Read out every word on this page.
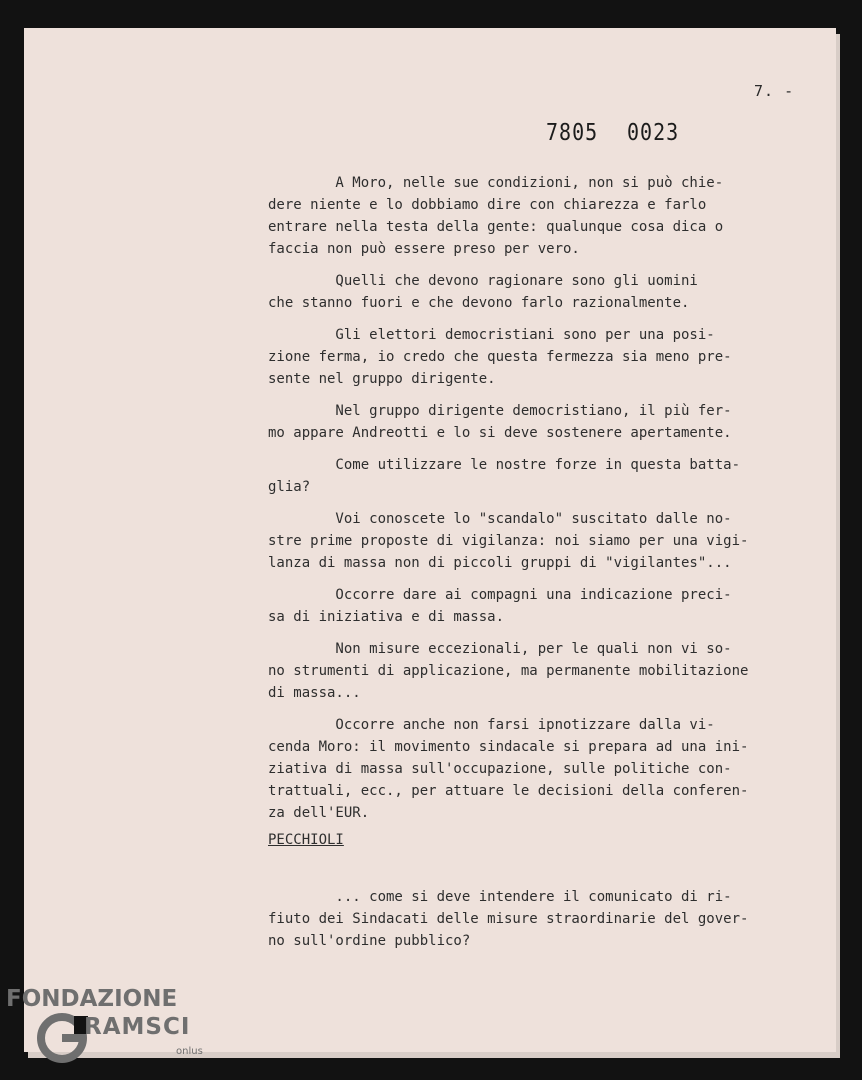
7. -
7805 0023

A Moro, nelle sue condizioni, non si può chie-
dere niente e lo dobbiamo dire con chiarezza e farlo
entrare nella testa della gente: qualunque cosa dica o
faccia non può essere preso per vero.

Quelli che devono ragionare sono gli uomini
che stanno fuori e che devono farlo razionalmente.

Gli elettori democristiani sono per una posi-
zione ferma, io credo che questa fermezza sia meno pre-
sente nel gruppo dirigente.

Nel gruppo dirigente democristiano, il più fer-
mo appare Andreotti e lo si deve sostenere apertamente.

Come utilizzare le nostre forze in questa batta-
glia?

Voi conoscete lo "scandalo" suscitato dalle no-
stre prime proposte di vigilanza: noi siamo per una vigi-
lanza di massa non di piccoli gruppi di "vigilantes"...

Occorre dare ai compagni una indicazione preci-
sa di iniziativa e di massa.

Non misure eccezionali, per le quali non vi so-
no strumenti di applicazione, ma permanente mobilitazione
di massa...

Occorre anche non farsi ipnotizzare dalla vi-
cenda Moro: il movimento sindacale si prepara ad una ini-
ziativa di massa sull'occupazione, sulle politiche con-
trattuali, ecc., per attuare le decisioni della conferen-
za dell'EUR.

PECCHIOLI

... come si deve intendere il comunicato di ri-
fiuto dei Sindacati delle misure straordinarie del gover-
no sull'ordine pubblico?

FONDAZIONE
RAMSCI
onlus
